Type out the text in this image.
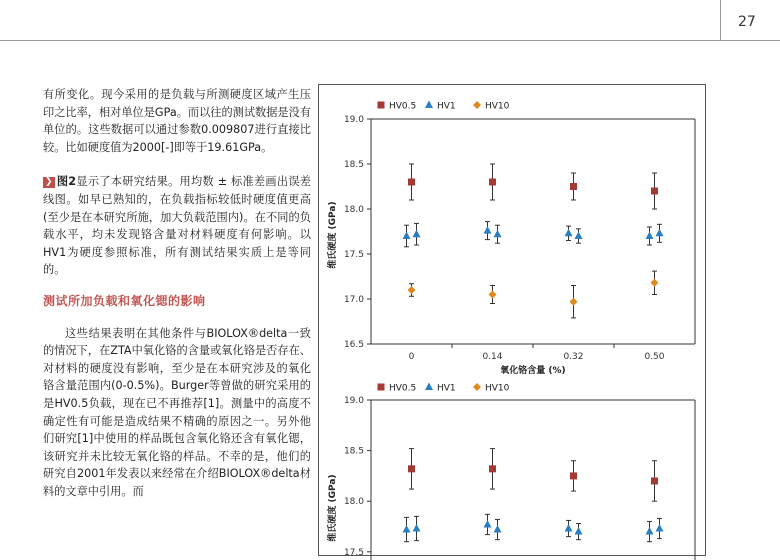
27

有所变化。现今采用的是负载与所测硬度区域产生压印之比率，相对单位是GPa。而以往的测试数据是没有单位的。这些数据可以通过参数0.009807进行直接比较。比如硬度值为2000[-]即等于19.61GPa。

❯ 图2显示了本研究结果。用均数 ± 标准差画出误差线图。如早已熟知的，在负载指标较低时硬度值更高(至少是在本研究所施，加大负载范围内)。在不同的负载水平，均未发现铬含量对材料硬度有何影响。以HV1为硬度参照标准，所有测试结果实质上是等同的。

测试所加负载和氧化锶的影响

这些结果表明在其他条件与BIOLOX®delta一致的情况下，在ZTA中氧化铬的含量或氧化铬是否存在、对材料的硬度没有影响，至少是在本研究涉及的氧化铬含量范围内(0-0.5%)。Burger等曾做的研究采用的是HV0.5负载，现在已不再推荐[1]。测量中的高度不确定性有可能是造成结果不精确的原因之一。另外他们研究[1]中使用的样品既包含氧化铬还含有氧化锶，该研究并未比较无氧化铬的样品。不幸的是，他们的研究自2001年发表以来经常在介绍BIOLOX®delta材料的文章中引用。而

16.5
17.0
17.5
18.0
18.5
19.0
0	0.14	0.32	0.50
氧化铬含量 (%)
维氏硬度 (GPa)
HV0.5 HV1	HV10
17.5
18.0
18.5
19.0
维氏硬度 (GPa)
HV0.5 HV1	HV10
